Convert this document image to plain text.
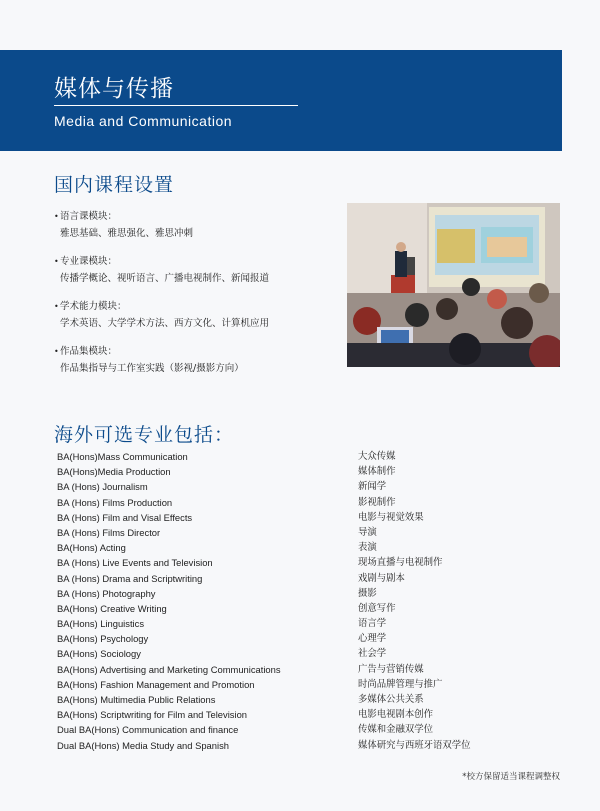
媒体与传播
Media and Communication
国内课程设置
•语言课模块：
雅思基础、雅思强化、雅思冲刺
•专业课模块：
传播学概论、视听语言、广播电视制作、新闻报道
•学术能力模块：
学术英语、大学学术方法、西方文化、计算机应用
•作品集模块：
作品集指导与工作室实践（影视/摄影方向）
海外可选专业包括：
BA(Hons)Mass Communication	大众传媒
BA(Hons)Media Production	媒体制作
BA (Hons) Journalism	新闻学
BA (Hons) Films Production	影视制作
BA (Hons) Film and Visal Effects	电影与视觉效果
BA (Hons) Films Director	导演
BA(Hons) Acting	表演
BA (Hons) Live Events and Television	现场直播与电视制作
BA (Hons) Drama and Scriptwriting	戏剧与剧本
BA (Hons) Photography	摄影
BA(Hons) Creative Writing	创意写作
BA(Hons) Linguistics	语言学
BA(Hons) Psychology	心理学
BA(Hons) Sociology	社会学
BA(Hons) Advertising and Marketing Communications	广告与营销传媒
BA(Hons) Fashion Management and Promotion	时尚品牌管理与推广
BA(Hons) Multimedia Public Relations	多媒体公共关系
BA(Hons) Scriptwriting for Film and Television	电影电视剧本创作
Dual BA(Hons) Communication and finance	传媒和金融双学位
Dual BA(Hons) Media Study and Spanish	媒体研究与西班牙语双学位
*校方保留适当课程调整权
